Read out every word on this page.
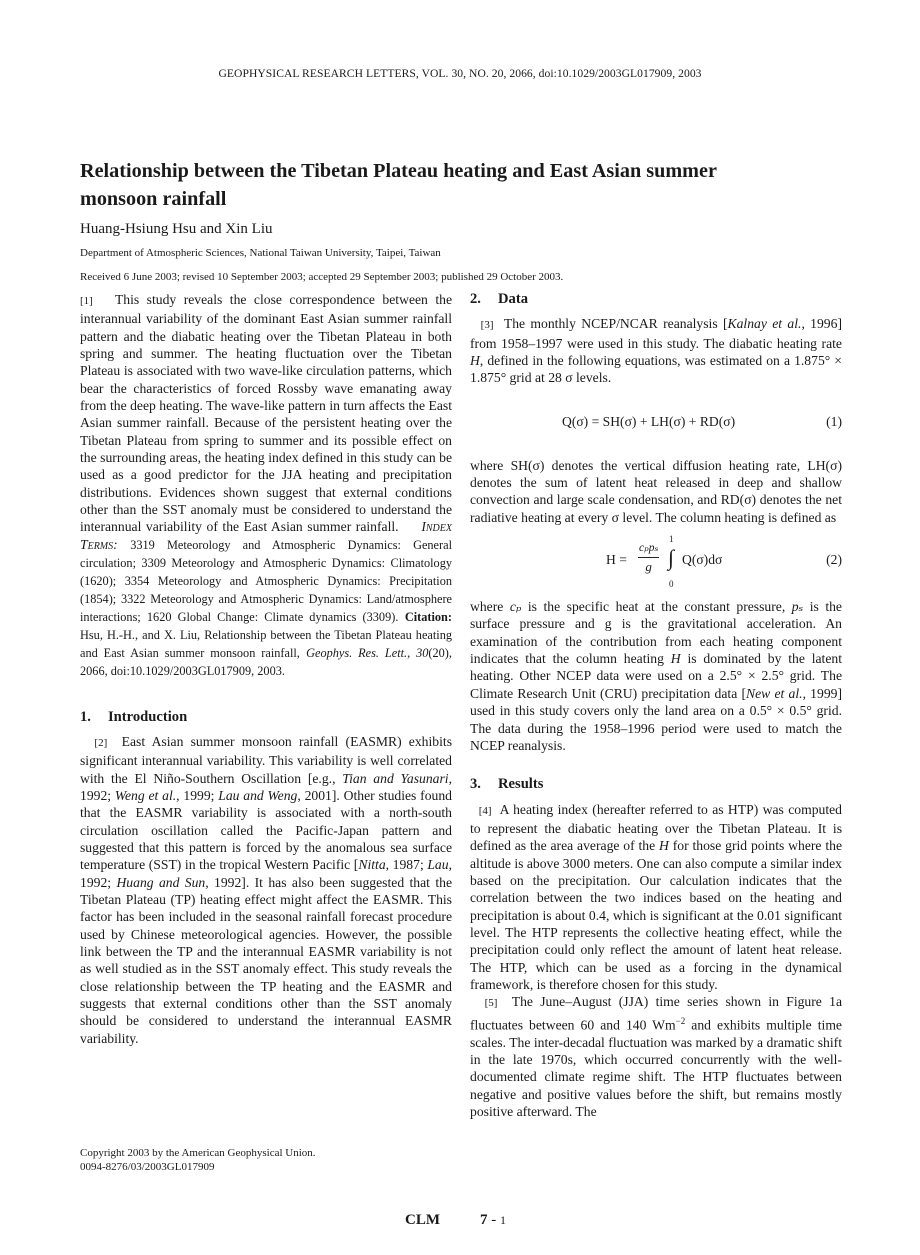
GEOPHYSICAL RESEARCH LETTERS, VOL. 30, NO. 20, 2066, doi:10.1029/2003GL017909, 2003
Relationship between the Tibetan Plateau heating and East Asian summer monsoon rainfall
Huang-Hsiung Hsu and Xin Liu
Department of Atmospheric Sciences, National Taiwan University, Taipei, Taiwan
Received 6 June 2003; revised 10 September 2003; accepted 29 September 2003; published 29 October 2003.

[1] This study reveals the close correspondence between the interannual variability of the dominant East Asian summer rainfall pattern and the diabatic heating over the Tibetan Plateau in both spring and summer. The heating fluctuation over the Tibetan Plateau is associated with two wave-like circulation patterns, which bear the characteristics of forced Rossby wave emanating away from the deep heating. The wave-like pattern in turn affects the East Asian summer rainfall. Because of the persistent heating over the Tibetan Plateau from spring to summer and its possible effect on the surrounding areas, the heating index defined in this study can be used as a good predictor for the JJA heating and precipitation distributions. Evidences shown suggest that external conditions other than the SST anomaly must be considered to understand the interannual variability of the East Asian summer rainfall. Index Terms: 3319 Meteorology and Atmospheric Dynamics: General circulation; 3309 Meteorology and Atmospheric Dynamics: Climatology (1620); 3354 Meteorology and Atmospheric Dynamics: Precipitation (1854); 3322 Meteorology and Atmospheric Dynamics: Land/atmosphere interactions; 1620 Global Change: Climate dynamics (3309). Citation: Hsu, H.-H., and X. Liu, Relationship between the Tibetan Plateau heating and East Asian summer monsoon rainfall, Geophys. Res. Lett., 30(20), 2066, doi:10.1029/2003GL017909, 2003.

1. Introduction

[2] East Asian summer monsoon rainfall (EASMR) exhibits significant interannual variability. This variability is well correlated with the El Niño-Southern Oscillation [e.g., Tian and Yasunari, 1992; Weng et al., 1999; Lau and Weng, 2001]. Other studies found that the EASMR variability is associated with a north-south circulation oscillation called the Pacific-Japan pattern and suggested that this pattern is forced by the anomalous sea surface temperature (SST) in the tropical Western Pacific [Nitta, 1987; Lau, 1992; Huang and Sun, 1992]. It has also been suggested that the Tibetan Plateau (TP) heating effect might affect the EASMR. This factor has been included in the seasonal rainfall forecast procedure used by Chinese meteorological agencies. However, the possible link between the TP and the interannual EASMR variability is not as well studied as in the SST anomaly effect. This study reveals the close relationship between the TP heating and the EASMR and suggests that external conditions other than the SST anomaly should be considered to understand the interannual EASMR variability.

Copyright 2003 by the American Geophysical Union.
0094-8276/03/2003GL017909
2. Data

[3] The monthly NCEP/NCAR reanalysis [Kalnay et al., 1996] from 1958–1997 were used in this study. The diabatic heating rate H, defined in the following equations, was estimated on a 1.875° × 1.875° grid at 28 σ levels.

Q(σ) = SH(σ) + LH(σ) + RD(σ)	(1)

where SH(σ) denotes the vertical diffusion heating rate, LH(σ) denotes the sum of latent heat released in deep and shallow convection and large scale condensation, and RD(σ) denotes the net radiative heating at every σ level. The column heating is defined as

H =
cₚpₛ
g
1
∫
0
Q(σ)dσ	(2)

where cₚ is the specific heat at the constant pressure, pₛ is the surface pressure and g is the gravitational acceleration. An examination of the contribution from each heating component indicates that the column heating H is dominated by the latent heating. Other NCEP data were used on a 2.5° × 2.5° grid. The Climate Research Unit (CRU) precipitation data [New et al., 1999] used in this study covers only the land area on a 0.5° × 0.5° grid. The data during the 1958–1996 period were used to match the NCEP reanalysis.

3. Results

[4] A heating index (hereafter referred to as HTP) was computed to represent the diabatic heating over the Tibetan Plateau. It is defined as the area average of the H for those grid points where the altitude is above 3000 meters. One can also compute a similar index based on the precipitation. Our calculation indicates that the correlation between the two indices based on the heating and precipitation is about 0.4, which is significant at the 0.01 significant level. The HTP represents the collective heating effect, while the precipitation could only reflect the amount of latent heat release. The HTP, which can be used as a forcing in the dynamical framework, is therefore chosen for this study.

[5] The June–August (JJA) time series shown in Figure 1a fluctuates between 60 and 140 $Wm^{-2}$ and exhibits multiple time scales. The inter-decadal fluctuation was marked by a dramatic shift in the late 1970s, which occurred concurrently with the well-documented climate regime shift. The HTP fluctuates between negative and positive values before the shift, but remains mostly positive afterward. The

CLM	7 - 1
